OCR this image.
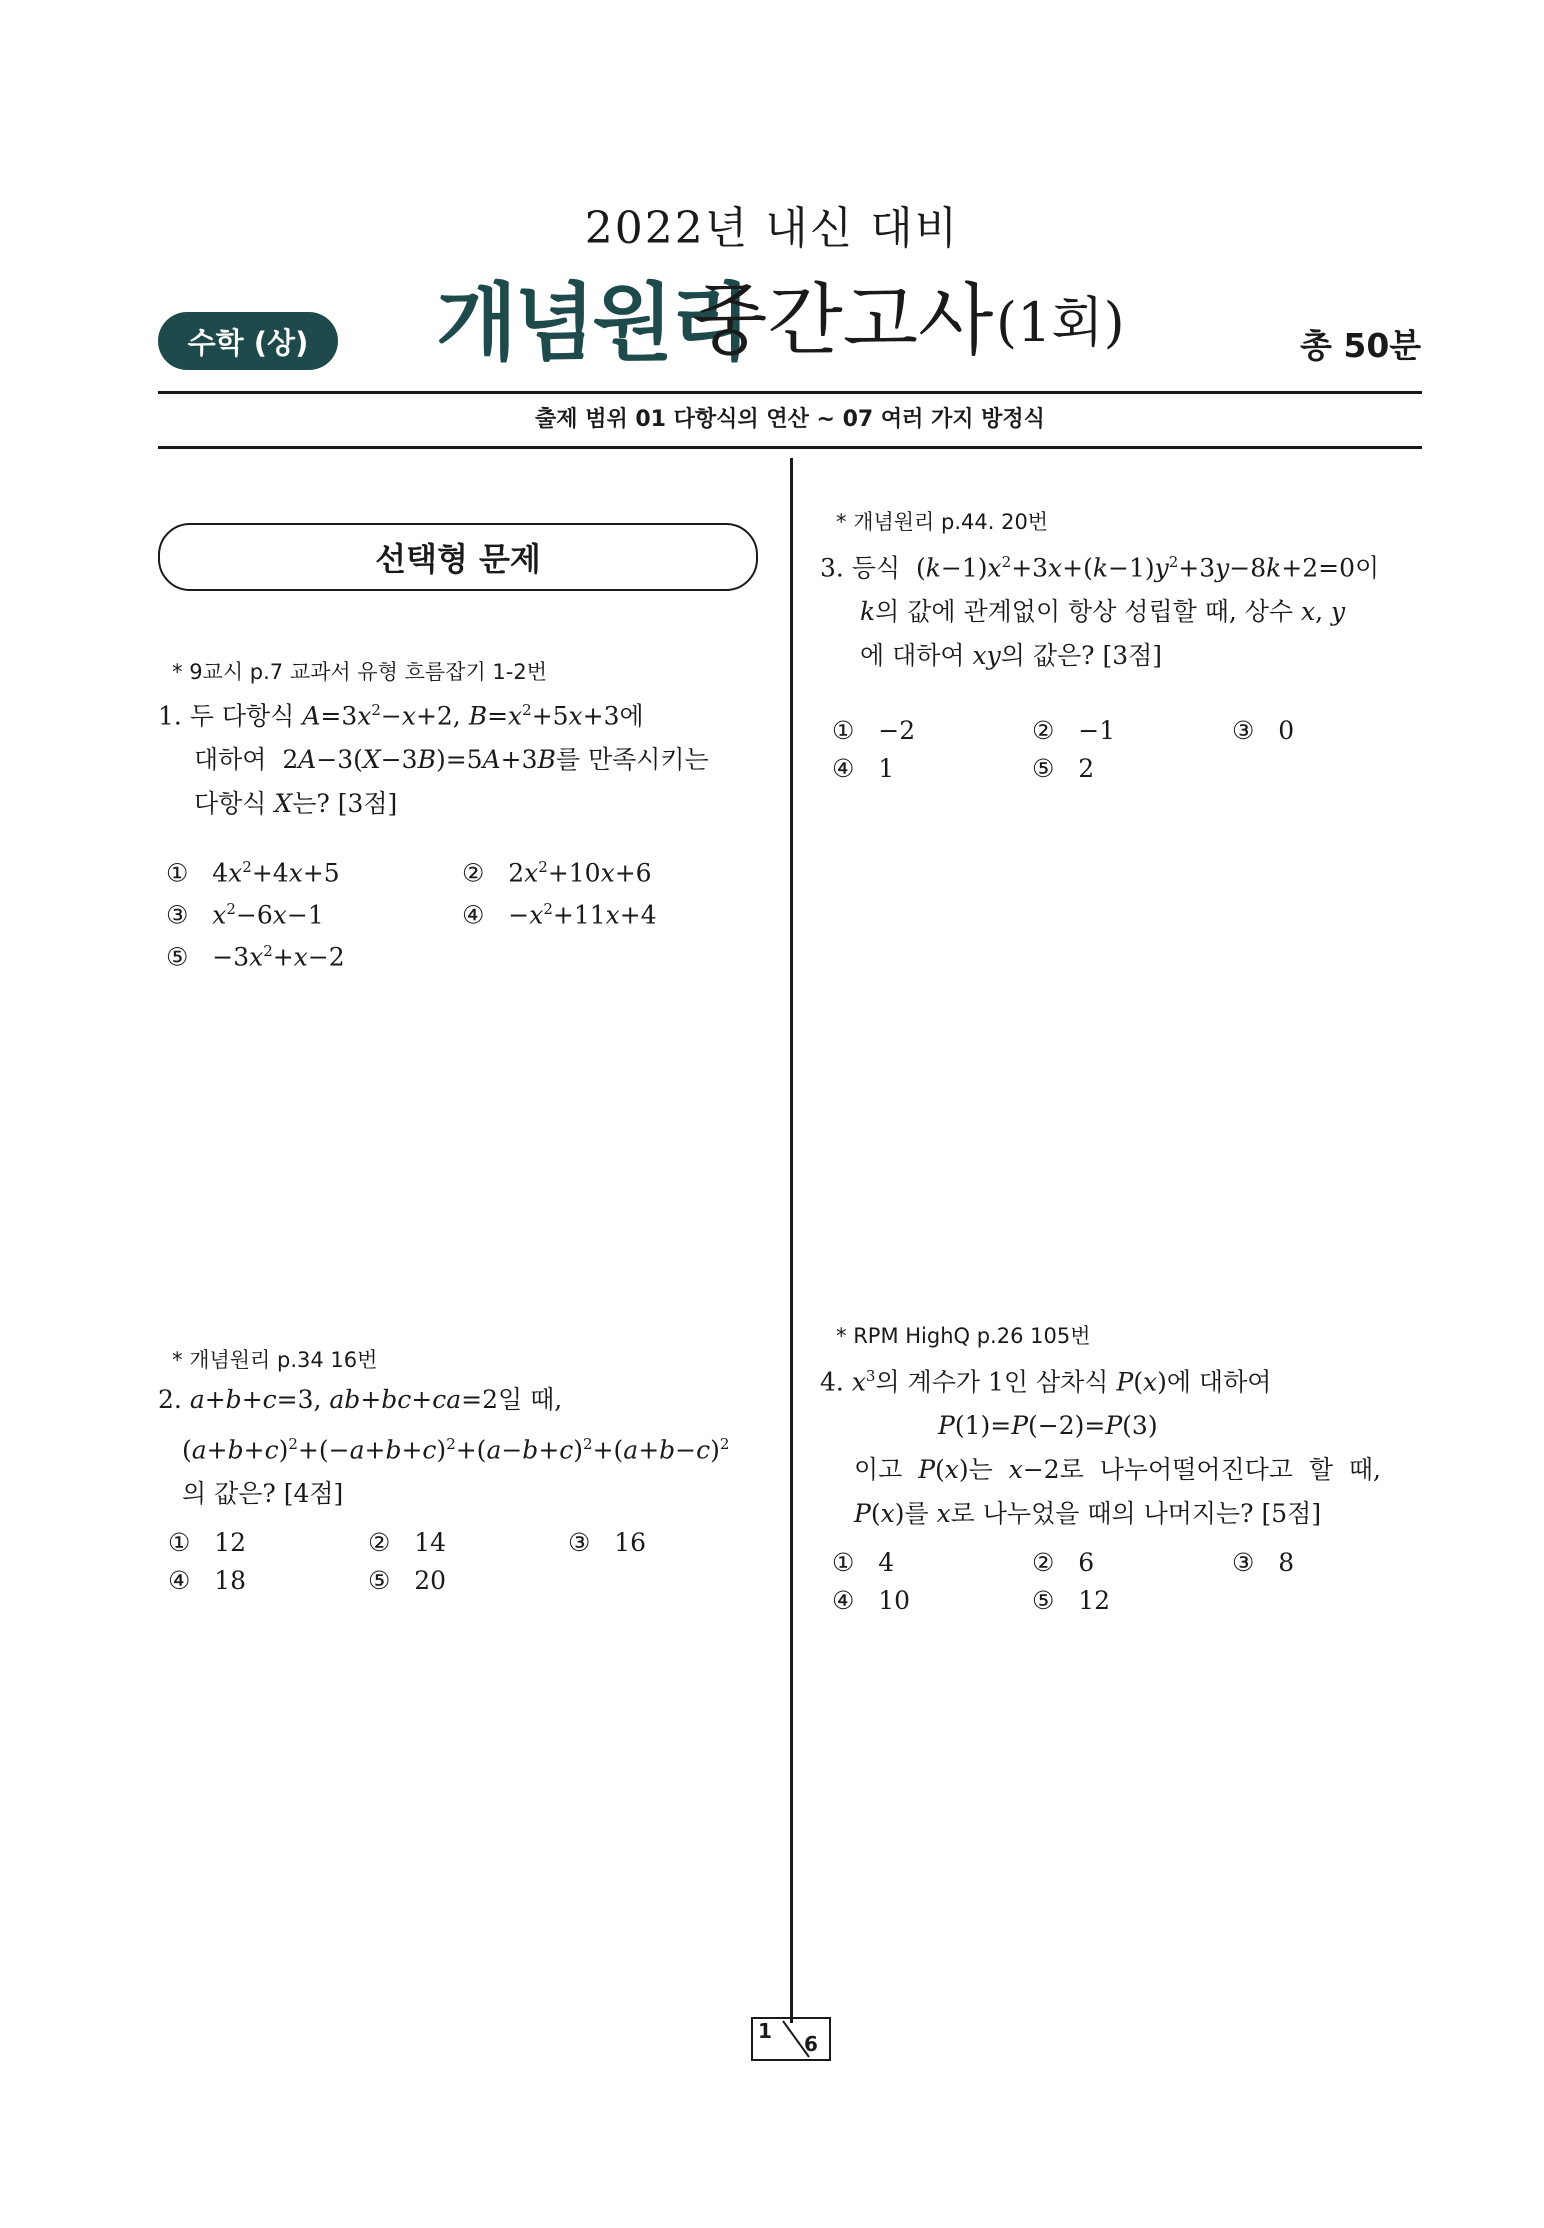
2022년 내신 대비
수학 (상)	개념원리
중간고사 (1회)	총 50분
출제 범위 01 다항식의 연산 ~ 07 여러 가지 방정식
선택형 문제
* 9교시 p.7 교과서 유형 흐름잡기 1-2번
1. 두 다항식 $A=3x^2-x+2$, $B=x^2+5x+3$에
대하여  2A−3(X−3B)=5A+3B를 만족시키는
다항식 X는? [3점]
①   $4x^2+4x+5$	②   $2x^2+10x+6$
③ $x^2-6x-1$	④   $-x^2+11x+4$
⑤   $-3x^2+x-2$
* 개념원리 p.34 16번
2. a+b+c=3, ab+bc+ca=2일 때,
$(a+b+c)^2+(-a+b+c)^2+(a-b+c)^2+(a+b-c)^2$
의 값은? [4점]
① 12	② 14	③ 16
④ 18	⑤ 20
* 개념원리 p.44. 20번
3. 등식  $(k-1)x^2+3x+(k-1)y^2+3y-8k+2=0$이
k의 값에 관계없이 항상 성립할 때, 상수 x, y
에 대하여 xy의 값은? [3점]
① −2	② −1	③ 0
④ 1	⑤ 2
* RPM HighQ p.26 105번
4. $x^3$의 계수가 1인 삼차식 P(x)에 대하여
P(1)=P(−2)=P(3)
이고  P(x)는  x−2로  나누어떨어진다고  할  때,
P(x)를 x로 나누었을 때의 나머지는? [5점]
① 4	② 6	③ 8
④ 10	⑤ 12
1
6
